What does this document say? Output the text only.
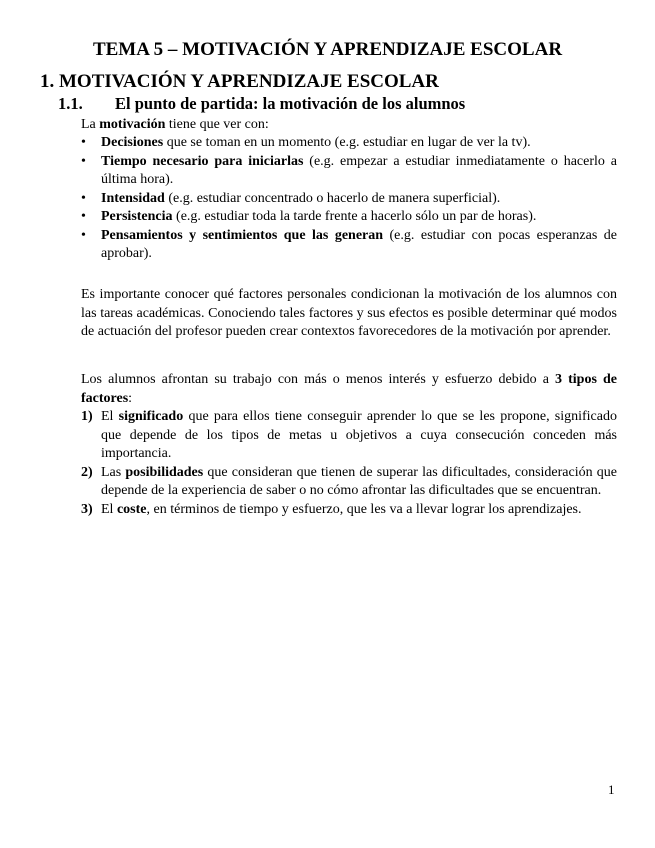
TEMA 5 – MOTIVACIÓN Y APRENDIZAJE ESCOLAR
1. MOTIVACIÓN Y APRENDIZAJE ESCOLAR
1.1. El punto de partida: la motivación de los alumnos
La motivación tiene que ver con:
• Decisiones que se toman en un momento (e.g. estudiar en lugar de ver la tv).
• Tiempo necesario para iniciarlas (e.g. empezar a estudiar inmediatamente o hacerlo a última hora).
• Intensidad (e.g. estudiar concentrado o hacerlo de manera superficial).
• Persistencia (e.g. estudiar toda la tarde frente a hacerlo sólo un par de horas).
• Pensamientos y sentimientos que las generan (e.g. estudiar con pocas esperanzas de aprobar).
Es importante conocer qué factores personales condicionan la motivación de los alumnos con las tareas académicas. Conociendo tales factores y sus efectos es posible determinar qué modos de actuación del profesor pueden crear contextos favorecedores de la motivación por aprender.
Los alumnos afrontan su trabajo con más o menos interés y esfuerzo debido a 3 tipos de factores:
1) El significado que para ellos tiene conseguir aprender lo que se les propone, significado que depende de los tipos de metas u objetivos a cuya consecución conceden más importancia.
2) Las posibilidades que consideran que tienen de superar las dificultades, consideración que depende de la experiencia de saber o no cómo afrontar las dificultades que se encuentran.
3) El coste, en términos de tiempo y esfuerzo, que les va a llevar lograr los aprendizajes.
1
